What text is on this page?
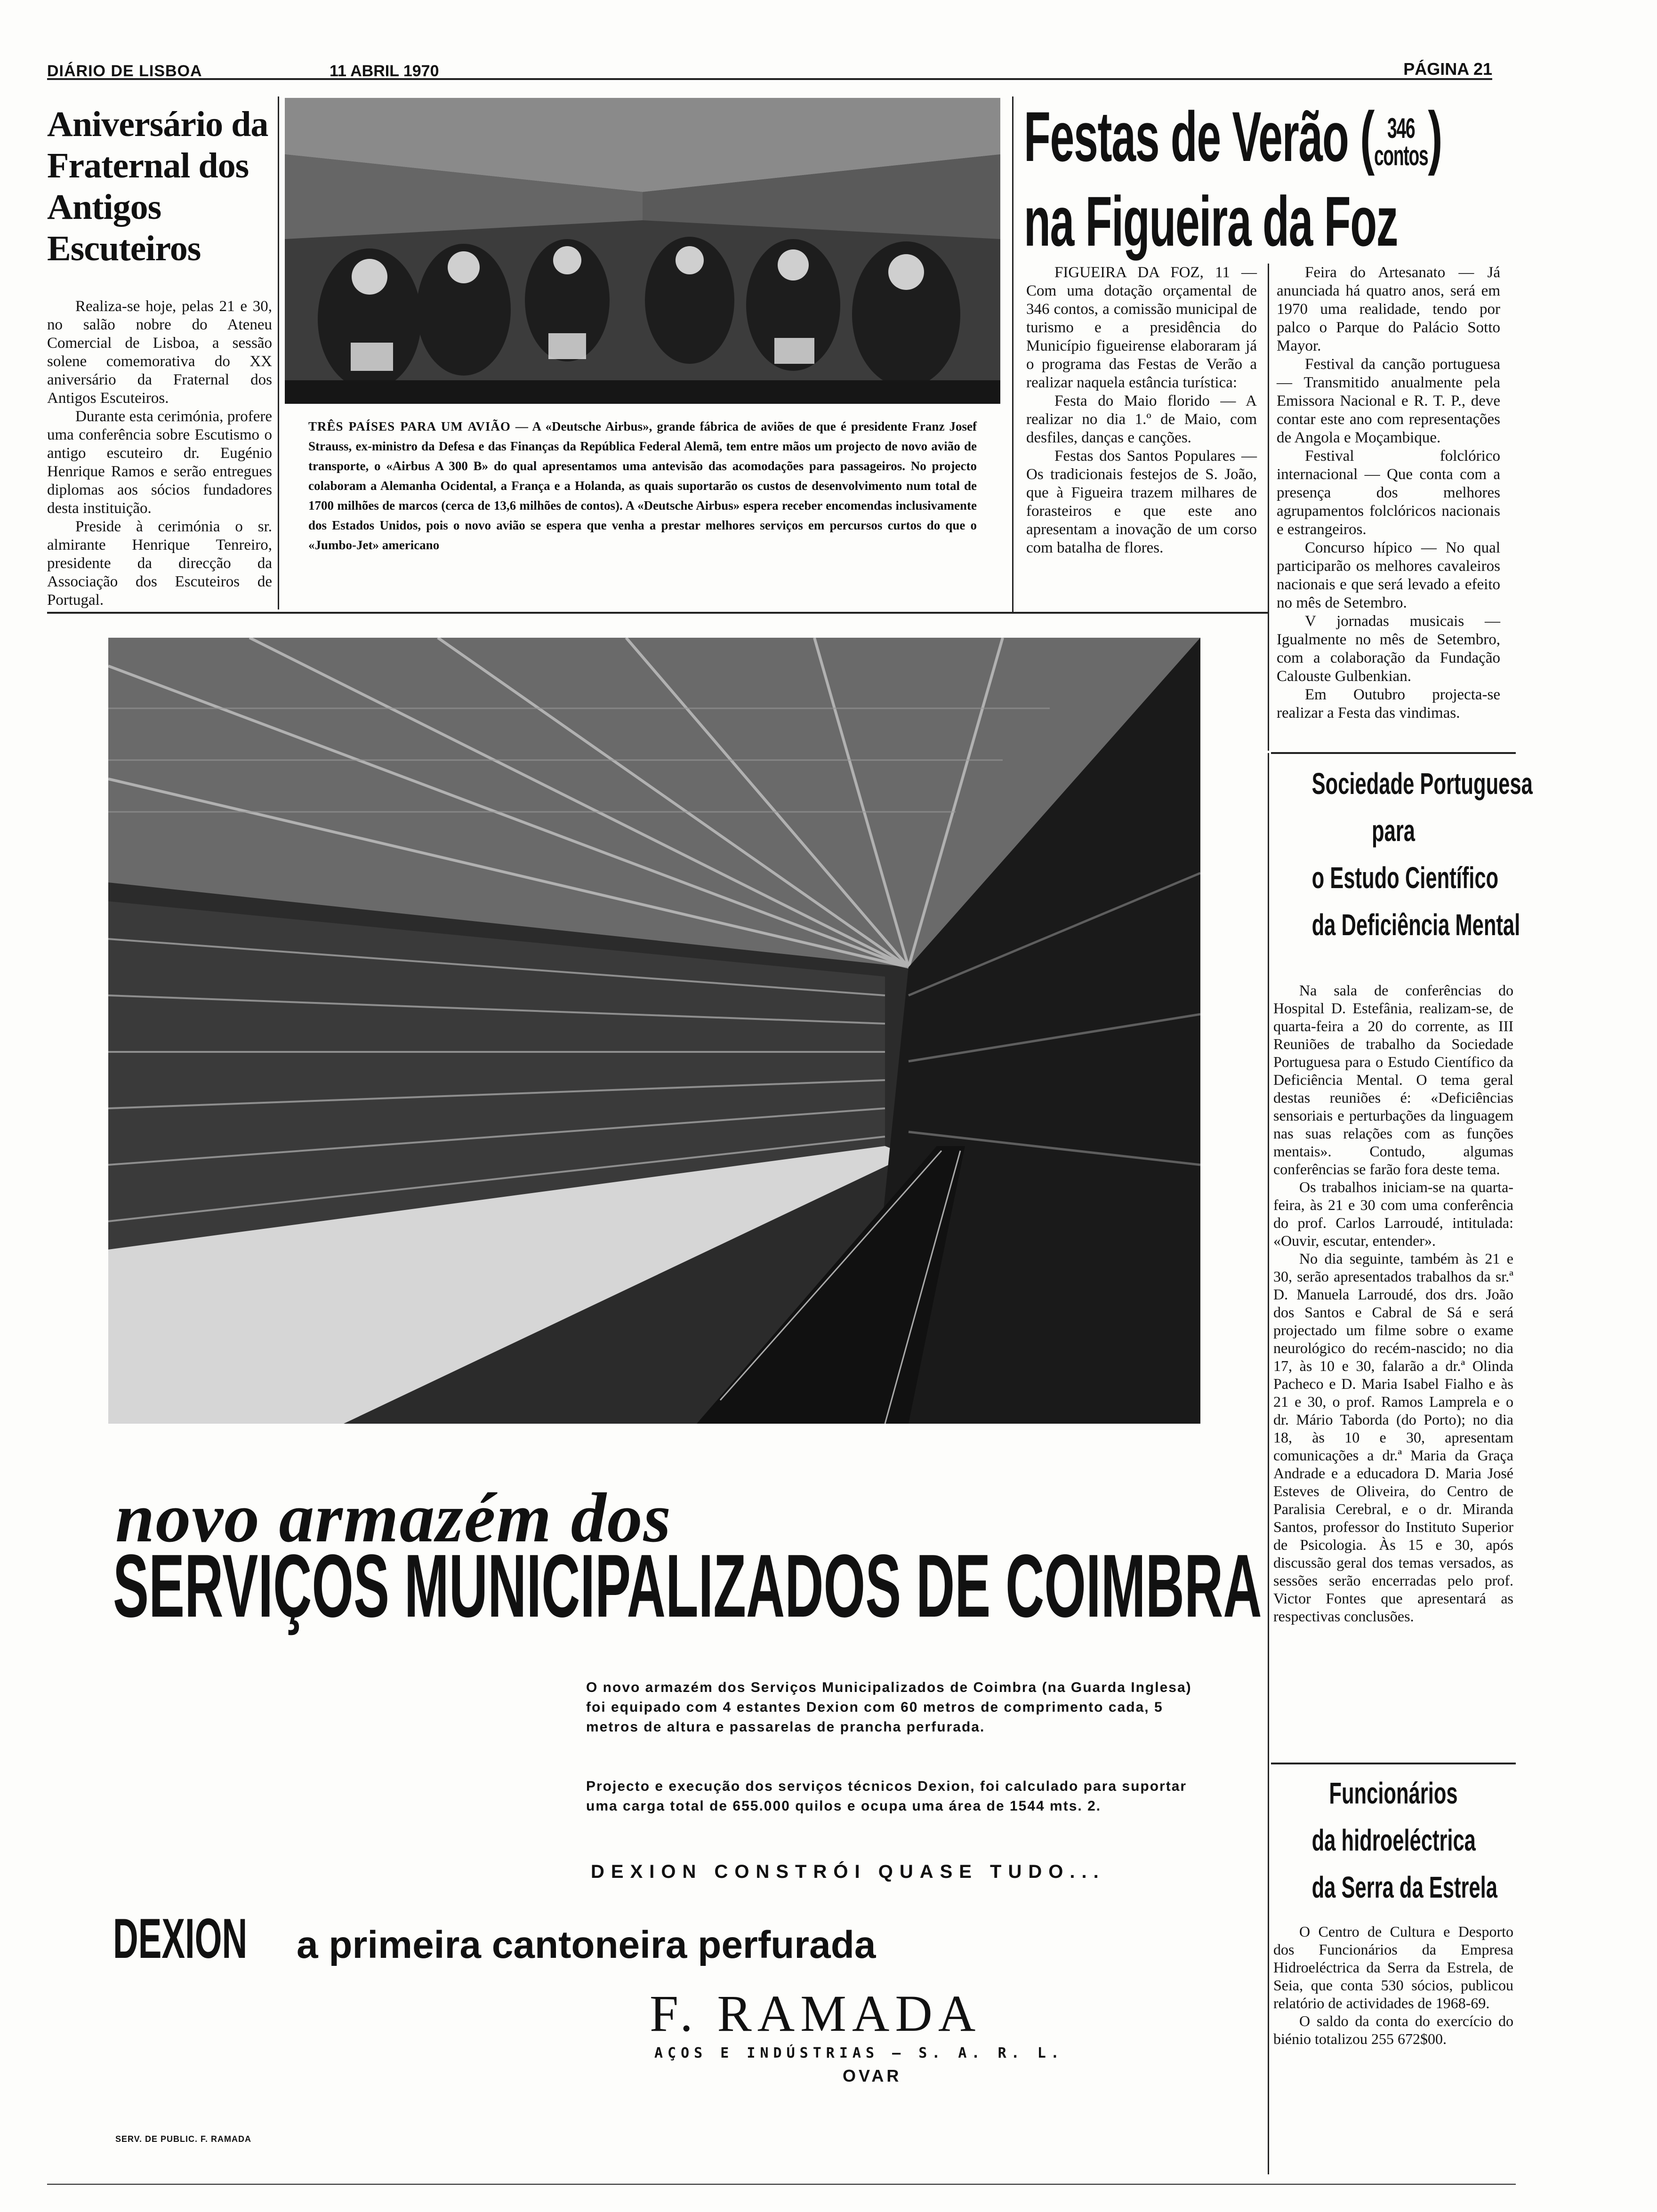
DIÁRIO DE LISBOA	11 ABRIL 1970	PÁGINA 21
Aniversário da Fraternal dos Antigos Escuteiros

Realiza-se hoje, pelas 21 e 30, no salão nobre do Ateneu Comercial de Lisboa, a sessão solene comemorativa do XX aniversário da Fraternal dos Antigos Escuteiros.

Durante esta cerimónia, profere uma conferência sobre Escutismo o antigo escuteiro dr. Eugénio Henrique Ramos e serão entregues diplomas aos sócios fundadores desta instituição.

Preside à cerimónia o sr. almirante Henrique Tenreiro, presidente da direcção da Associação dos Escuteiros de Portugal.

TRÊS PAÍSES PARA UM AVIÃO — A «Deutsche Airbus», grande fábrica de aviões de que é presidente Franz Josef Strauss, ex-ministro da Defesa e das Finanças da República Federal Alemã, tem entre mãos um projecto de novo avião de transporte, o «Airbus A 300 B» do qual apresentamos uma antevisão das acomodações para passageiros. No projecto colaboram a Alemanha Ocidental, a França e a Holanda, as quais suportarão os custos de desenvolvimento num total de 1700 milhões de marcos (cerca de 13,6 milhões de contos). A «Deutsche Airbus» espera receber encomendas inclusivamente dos Estados Unidos, pois o novo avião se espera que venha a prestar melhores serviços em percursos curtos do que o «Jumbo-Jet» americano
Festas de Verão ( 346
contos)
na Figueira da Foz

FIGUEIRA DA FOZ, 11 — Com uma dotação orçamental de 346 contos, a comissão municipal de turismo e a presidência do Município figueirense elaboraram já o programa das Festas de Verão a realizar naquela estância turística:

Festa do Maio florido — A realizar no dia 1.º de Maio, com desfiles, danças e canções.

Festas dos Santos Populares — Os tradicionais festejos de S. João, que à Figueira trazem milhares de forasteiros e que este ano apresentam a inovação de um corso com batalha de flores.

Feira do Artesanato — Já anunciada há quatro anos, será em 1970 uma realidade, tendo por palco o Parque do Palácio Sotto Mayor.

Festival da canção portuguesa — Transmitido anualmente pela Emissora Nacional e R. T. P., deve contar este ano com representações de Angola e Moçambique.

Festival folclórico internacional — Que conta com a presença dos melhores agrupamentos folclóricos nacionais e estrangeiros.

Concurso hípico — No qual participarão os melhores cavaleiros nacionais e que será levado a efeito no mês de Setembro.

V jornadas musicais — Igualmente no mês de Setembro, com a colaboração da Fundação Calouste Gulbenkian.

Em Outubro projecta-se realizar a Festa das vindimas.

novo armazém dos
SERVIÇOS MUNICIPALIZADOS DE COIMBRA
O novo armazém dos Serviços Municipalizados de Coimbra (na Guarda Inglesa) foi equipado com 4 estantes Dexion com 60 metros de comprimento cada, 5 metros de altura e passarelas de prancha perfurada.
Projecto e execução dos serviços técnicos Dexion, foi calculado para suportar uma carga total de 655.000 quilos e ocupa uma área de 1544 mts. 2.
DEXION CONSTRÓI QUASE TUDO...
DEXION a primeira cantoneira perfurada
F. RAMADA
AÇOS E INDÚSTRIAS — S. A. R. L.
OVAR
SERV. DE PUBLIC. F. RAMADA
Sociedade Portuguesa
para
o Estudo Científico
da Deficiência Mental

Na sala de conferências do Hospital D. Estefânia, realizam-se, de quarta-feira a 20 do corrente, as III Reuniões de trabalho da Sociedade Portuguesa para o Estudo Científico da Deficiência Mental. O tema geral destas reuniões é: «Deficiências sensoriais e perturbações da linguagem nas suas relações com as funções mentais». Contudo, algumas conferências se farão fora deste tema.

Os trabalhos iniciam-se na quarta-feira, às 21 e 30 com uma conferência do prof. Carlos Larroudé, intitulada: «Ouvir, escutar, entender».

No dia seguinte, também às 21 e 30, serão apresentados trabalhos da sr.ª D. Manuela Larroudé, dos drs. João dos Santos e Cabral de Sá e será projectado um filme sobre o exame neurológico do recém-nascido; no dia 17, às 10 e 30, falarão a dr.ª Olinda Pacheco e D. Maria Isabel Fialho e às 21 e 30, o prof. Ramos Lamprela e o dr. Mário Taborda (do Porto); no dia 18, às 10 e 30, apresentam comunicações a dr.ª Maria da Graça Andrade e a educadora D. Maria José Esteves de Oliveira, do Centro de Paralisia Cerebral, e o dr. Miranda Santos, professor do Instituto Superior de Psicologia. Às 15 e 30, após discussão geral dos temas versados, as sessões serão encerradas pelo prof. Victor Fontes que apresentará as respectivas conclusões.

Funcionários
da hidroeléctrica
da Serra da Estrela

O Centro de Cultura e Desporto dos Funcionários da Empresa Hidroeléctrica da Serra da Estrela, de Seia, que conta 530 sócios, publicou relatório de actividades de 1968-69.

O saldo da conta do exercício do biénio totalizou 255 672$00.
